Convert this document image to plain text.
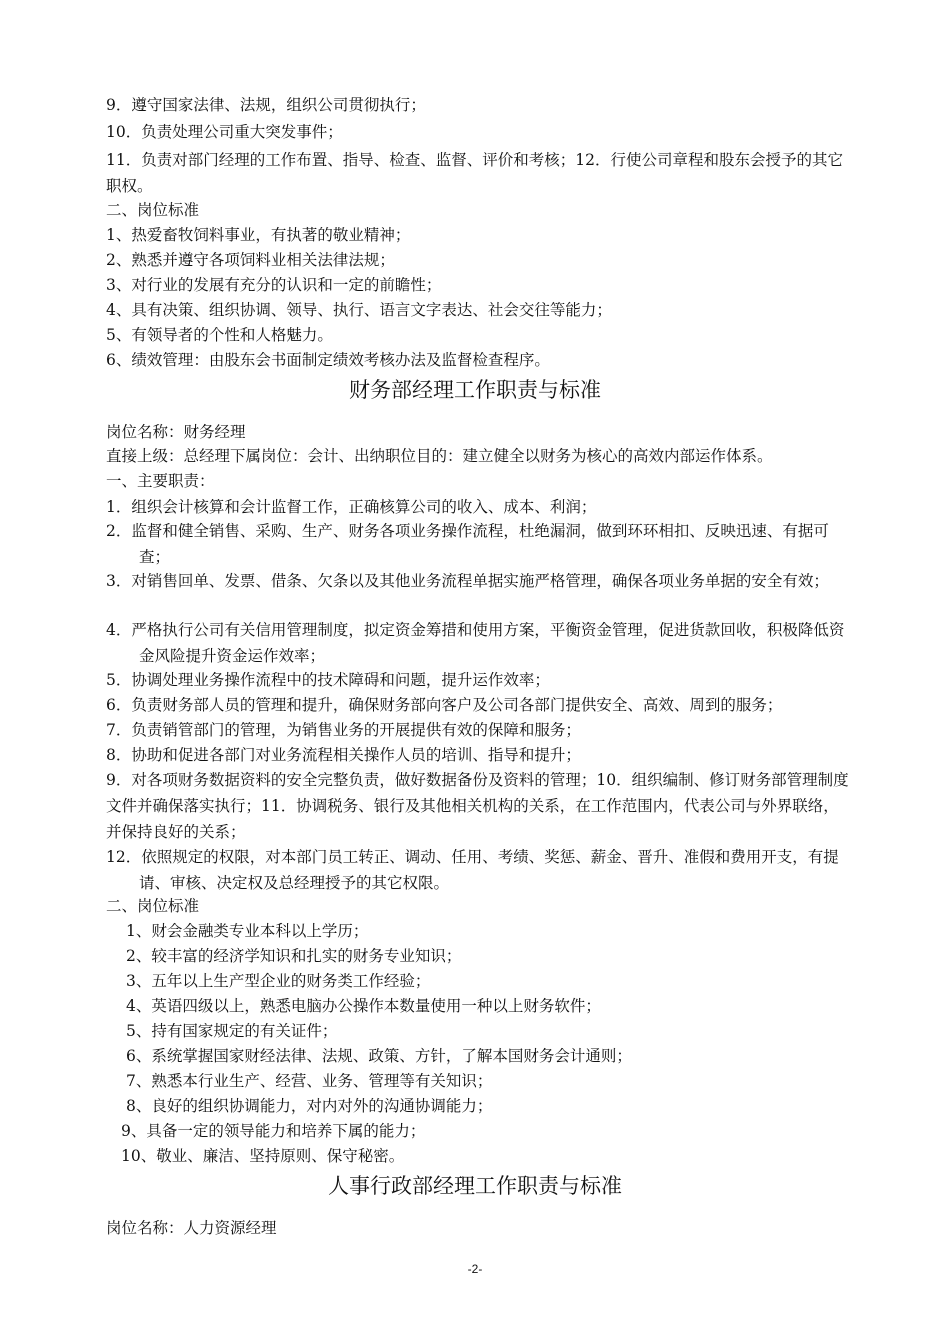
9．遵守国家法律、法规，组织公司贯彻执行；
10．负责处理公司重大突发事件；
11．负责对部门经理的工作布置、指导、检查、监督、评价和考核；12．行使公司章程和股东会授予的其它职权。
二、岗位标准
1、热爱畜牧饲料事业，有执著的敬业精神；
2、熟悉并遵守各项饲料业相关法律法规；
3、对行业的发展有充分的认识和一定的前瞻性；
4、具有决策、组织协调、领导、执行、语言文字表达、社会交往等能力；
5、有领导者的个性和人格魅力。
6、绩效管理：由股东会书面制定绩效考核办法及监督检查程序。
财务部经理工作职责与标准
岗位名称：财务经理
直接上级：总经理下属岗位：会计、出纳职位目的：建立健全以财务为核心的高效内部运作体系。
一、主要职责：
1．组织会计核算和会计监督工作，正确核算公司的收入、成本、利润；
2．监督和健全销售、采购、生产、财务各项业务操作流程，杜绝漏洞，做到环环相扣、反映迅速、有据可查；
3．对销售回单、发票、借条、欠条以及其他业务流程单据实施严格管理，确保各项业务单据的安全有效；
4．严格执行公司有关信用管理制度，拟定资金筹措和使用方案，平衡资金管理，促进货款回收，积极降低资金风险提升资金运作效率；
5．协调处理业务操作流程中的技术障碍和问题，提升运作效率；
6．负责财务部人员的管理和提升，确保财务部向客户及公司各部门提供安全、高效、周到的服务；
7．负责销管部门的管理，为销售业务的开展提供有效的保障和服务；
8．协助和促进各部门对业务流程相关操作人员的培训、指导和提升；
9．对各项财务数据资料的安全完整负责，做好数据备份及资料的管理；10．组织编制、修订财务部管理制度文件并确保落实执行；11．协调税务、银行及其他相关机构的关系，在工作范围内，代表公司与外界联络，并保持良好的关系；
12．依照规定的权限，对本部门员工转正、调动、任用、考绩、奖惩、薪金、晋升、准假和费用开支，有提请、审核、决定权及总经理授予的其它权限。
二、岗位标准
1、财会金融类专业本科以上学历；
2、较丰富的经济学知识和扎实的财务专业知识；
3、五年以上生产型企业的财务类工作经验；
4、英语四级以上，熟悉电脑办公操作本数量使用一种以上财务软件；
5、持有国家规定的有关证件；
6、系统掌握国家财经法律、法规、政策、方针，了解本国财务会计通则；
7、熟悉本行业生产、经营、业务、管理等有关知识；
8、良好的组织协调能力，对内对外的沟通协调能力；
9、具备一定的领导能力和培养下属的能力；
10、敬业、廉洁、坚持原则、保守秘密。
人事行政部经理工作职责与标准
岗位名称：人力资源经理
-2-
